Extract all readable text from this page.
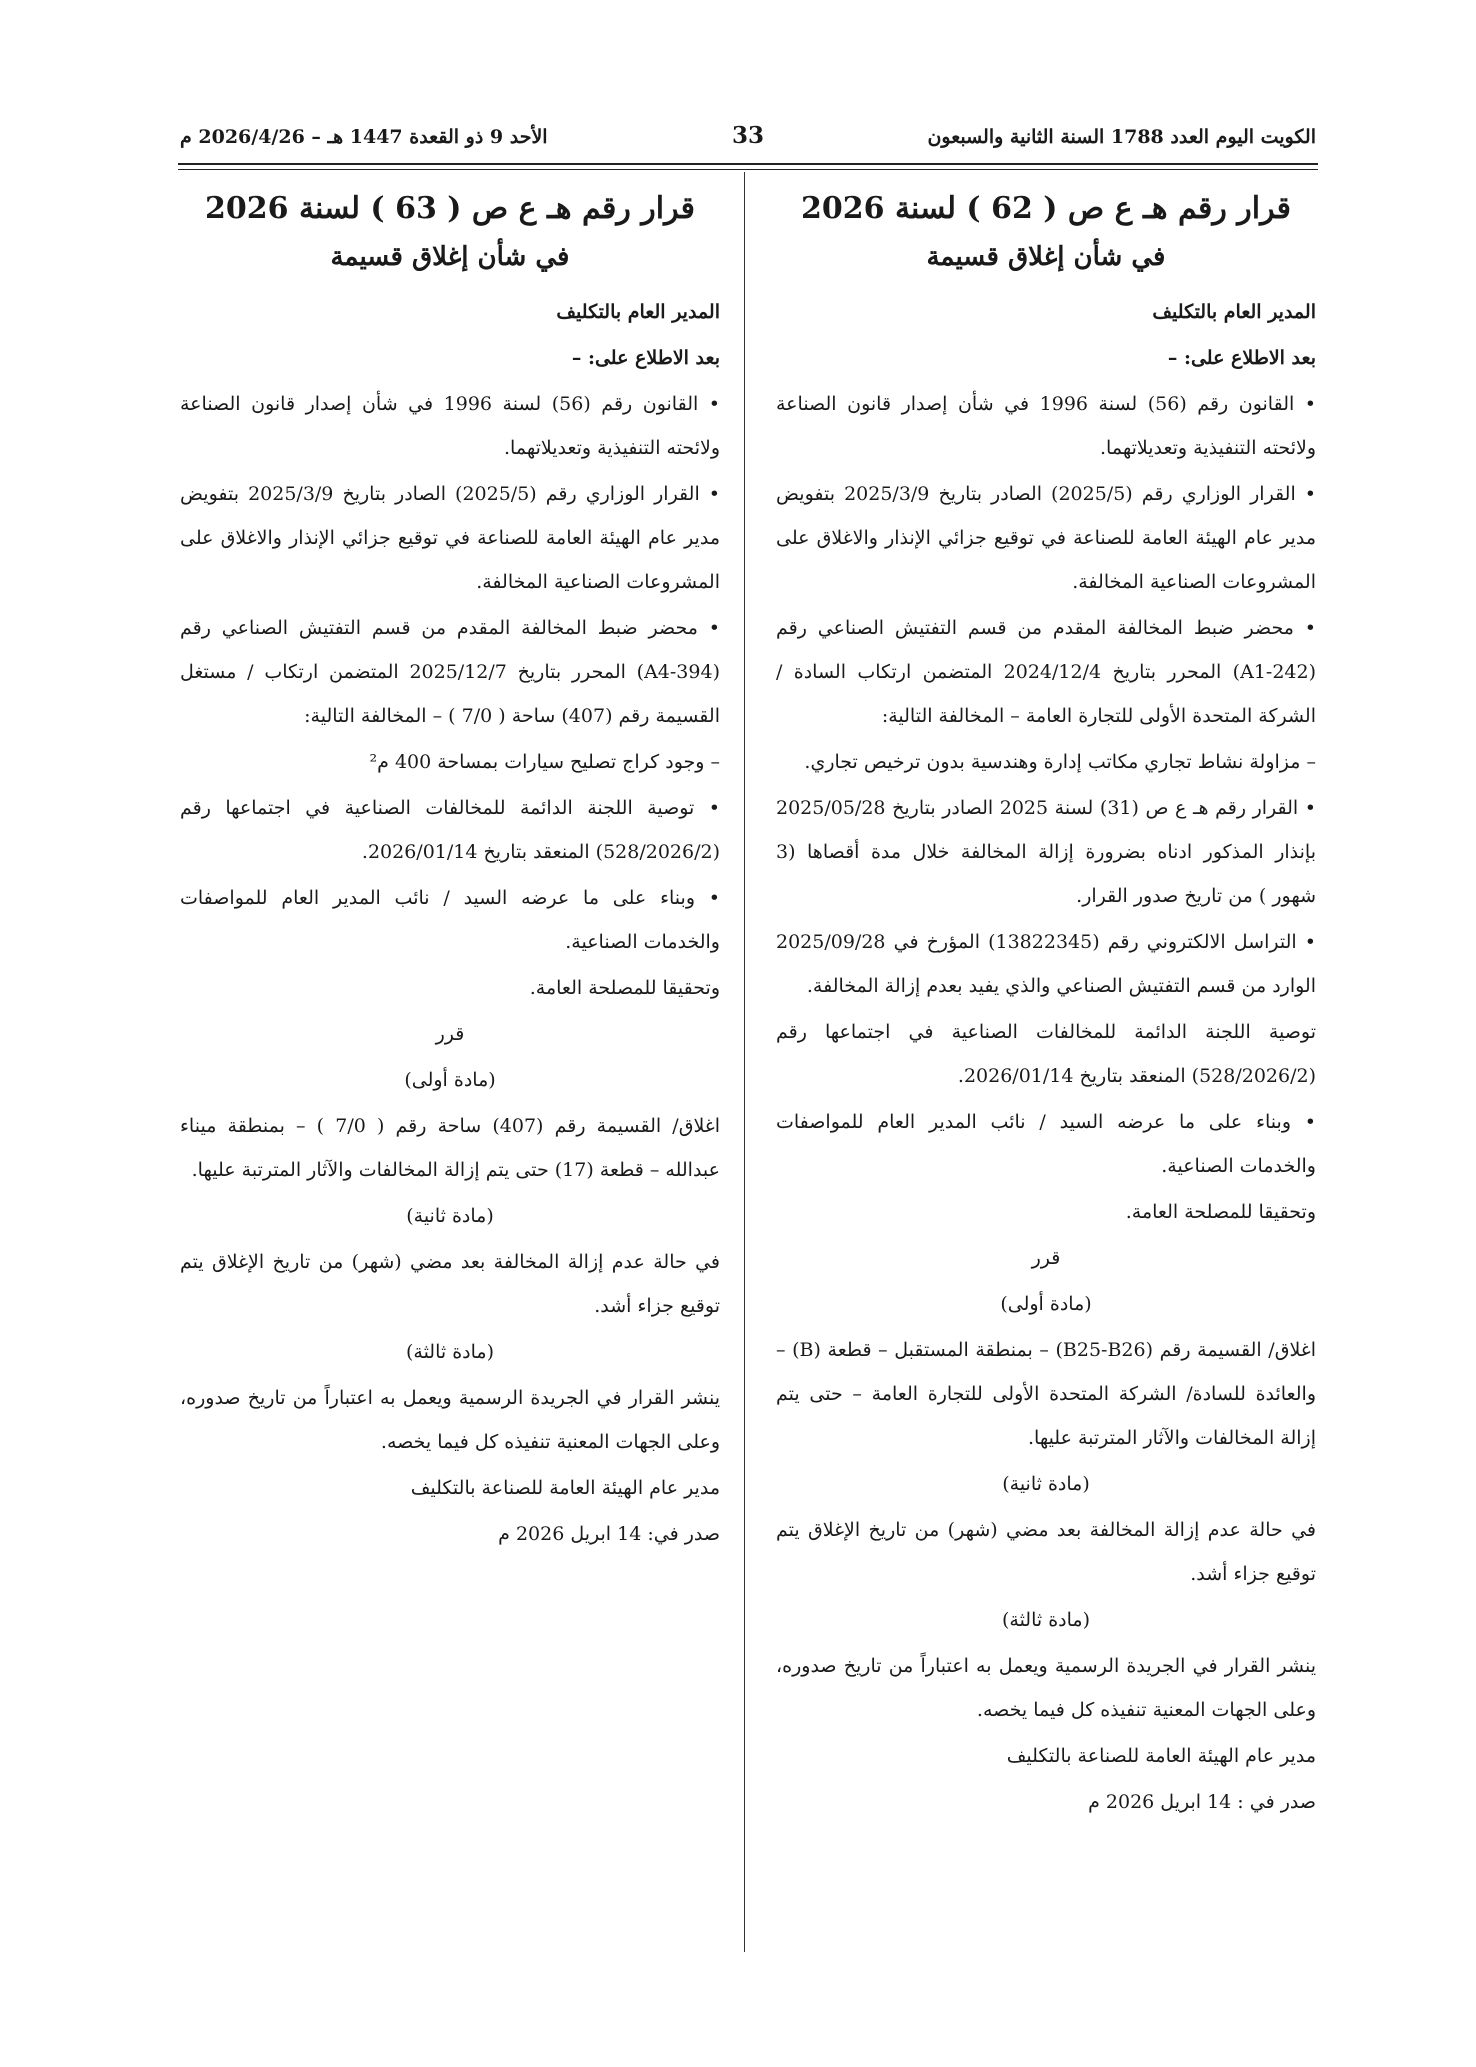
الكويت اليوم العدد 1788 السنة الثانية والسبعون
33
الأحد 9 ذو القعدة 1447 هـ – 2026/4/26 م
قرار رقم هـ ع ص ( 62 ) لسنة 2026
في شأن إغلاق قسيمة

المدير العام بالتكليف

بعد الاطلاع على: –

• القانون رقم (56) لسنة 1996 في شأن إصدار قانون الصناعة ولائحته التنفيذية وتعديلاتهما.

• القرار الوزاري رقم (2025/5) الصادر بتاريخ 2025/3/9 بتفويض مدير عام الهيئة العامة للصناعة في توقيع جزائي الإنذار والاغلاق على المشروعات الصناعية المخالفة.

• محضر ضبط المخالفة المقدم من قسم التفتيش الصناعي رقم (A1-242) المحرر بتاريخ 2024/12/4 المتضمن ارتكاب السادة / الشركة المتحدة الأولى للتجارة العامة – المخالفة التالية:

– مزاولة نشاط تجاري مكاتب إدارة وهندسية بدون ترخيص تجاري.

• القرار رقم هـ ع ص (31) لسنة 2025 الصادر بتاريخ 2025/05/28 بإنذار المذكور ادناه بضرورة إزالة المخالفة خلال مدة أقصاها (3 شهور ) من تاريخ صدور القرار.

• التراسل الالكتروني رقم (13822345) المؤرخ في 2025/09/28 الوارد من قسم التفتيش الصناعي والذي يفيد بعدم إزالة المخالفة.

توصية اللجنة الدائمة للمخالفات الصناعية في اجتماعها رقم (528/2026/2) المنعقد بتاريخ 2026/01/14.

• وبناء على ما عرضه السيد / نائب المدير العام للمواصفات والخدمات الصناعية.

وتحقيقا للمصلحة العامة.

قرر

(مادة أولى)

اغلاق/ القسيمة رقم (B25-B26) – بمنطقة المستقبل – قطعة (B) – والعائدة للسادة/ الشركة المتحدة الأولى للتجارة العامة – حتى يتم إزالة المخالفات والآثار المترتبة عليها.

(مادة ثانية)

في حالة عدم إزالة المخالفة بعد مضي (شهر) من تاريخ الإغلاق يتم توقيع جزاء أشد.

(مادة ثالثة)

ينشر القرار في الجريدة الرسمية ويعمل به اعتباراً من تاريخ صدوره، وعلى الجهات المعنية تنفيذه كل فيما يخصه.

مدير عام الهيئة العامة للصناعة بالتكليف

صدر في : 14 ابريل 2026 م

قرار رقم هـ ع ص ( 63 ) لسنة 2026
في شأن إغلاق قسيمة

المدير العام بالتكليف

بعد الاطلاع على: –

• القانون رقم (56) لسنة 1996 في شأن إصدار قانون الصناعة ولائحته التنفيذية وتعديلاتهما.

• القرار الوزاري رقم (2025/5) الصادر بتاريخ 2025/3/9 بتفويض مدير عام الهيئة العامة للصناعة في توقيع جزائي الإنذار والاغلاق على المشروعات الصناعية المخالفة.

• محضر ضبط المخالفة المقدم من قسم التفتيش الصناعي رقم (A4-394) المحرر بتاريخ 2025/12/7 المتضمن ارتكاب / مستغل القسيمة رقم (407) ساحة ( 7/0 ) – المخالفة التالية:

– وجود كراج تصليح سيارات بمساحة 400 م²

• توصية اللجنة الدائمة للمخالفات الصناعية في اجتماعها رقم (528/2026/2) المنعقد بتاريخ 2026/01/14.

• وبناء على ما عرضه السيد / نائب المدير العام للمواصفات والخدمات الصناعية.

وتحقيقا للمصلحة العامة.

قرر

(مادة أولى)

اغلاق/ القسيمة رقم (407) ساحة رقم ( 7/0 ) – بمنطقة ميناء عبدالله – قطعة (17) حتى يتم إزالة المخالفات والآثار المترتبة عليها.

(مادة ثانية)

في حالة عدم إزالة المخالفة بعد مضي (شهر) من تاريخ الإغلاق يتم توقيع جزاء أشد.

(مادة ثالثة)

ينشر القرار في الجريدة الرسمية ويعمل به اعتباراً من تاريخ صدوره، وعلى الجهات المعنية تنفيذه كل فيما يخصه.

مدير عام الهيئة العامة للصناعة بالتكليف

صدر في: 14 ابريل 2026 م
